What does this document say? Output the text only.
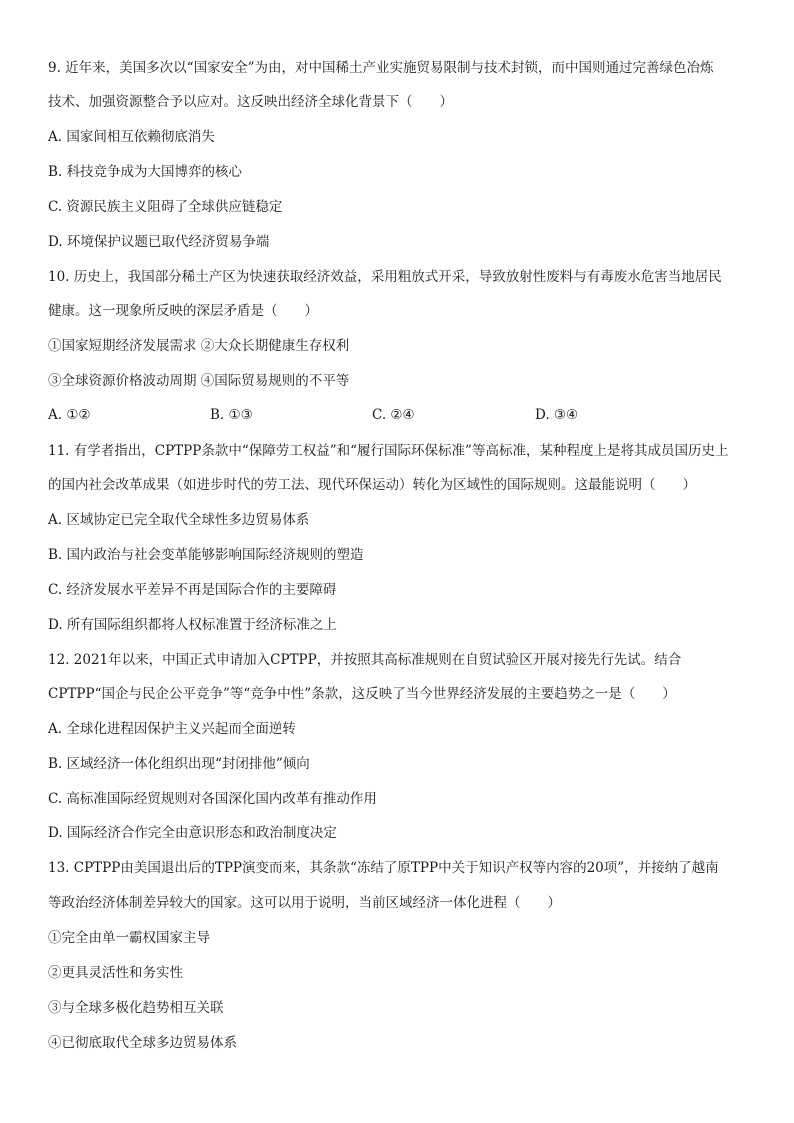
9. 近年来，美国多次以“国家安全”为由，对中国稀土产业实施贸易限制与技术封锁，而中国则通过完善绿色冶炼
技术、加强资源整合予以应对。这反映出经济全球化背景下（　　）
A. 国家间相互依赖彻底消失
B. 科技竞争成为大国博弈的核心
C. 资源民族主义阻碍了全球供应链稳定
D. 环境保护议题已取代经济贸易争端
10. 历史上，我国部分稀土产区为快速获取经济效益，采用粗放式开采，导致放射性废料与有毒废水危害当地居民
健康。这一现象所反映的深层矛盾是（　　）
①国家短期经济发展需求 ②大众长期健康生存权利
③全球资源价格波动周期 ④国际贸易规则的不平等
A. ①②	B. ①③	C. ②④	D. ③④
11. 有学者指出，CPTPP条款中“保障劳工权益”和“履行国际环保标准”等高标准，某种程度上是将其成员国历史上
的国内社会改革成果（如进步时代的劳工法、现代环保运动）转化为区域性的国际规则。这最能说明（　　）
A. 区域协定已完全取代全球性多边贸易体系
B. 国内政治与社会变革能够影响国际经济规则的塑造
C. 经济发展水平差异不再是国际合作的主要障碍
D. 所有国际组织都将人权标准置于经济标准之上
12. 2021年以来，中国正式申请加入CPTPP，并按照其高标准规则在自贸试验区开展对接先行先试。结合
CPTPP“国企与民企公平竞争”等“竞争中性”条款，这反映了当今世界经济发展的主要趋势之一是（　　）
A. 全球化进程因保护主义兴起而全面逆转
B. 区域经济一体化组织出现“封闭排他”倾向
C. 高标准国际经贸规则对各国深化国内改革有推动作用
D. 国际经济合作完全由意识形态和政治制度决定
13. CPTPP由美国退出后的TPP演变而来，其条款“冻结了原TPP中关于知识产权等内容的20项”，并接纳了越南
等政治经济体制差异较大的国家。这可以用于说明，当前区域经济一体化进程（　　）
①完全由单一霸权国家主导
②更具灵活性和务实性
③与全球多极化趋势相互关联
④已彻底取代全球多边贸易体系
